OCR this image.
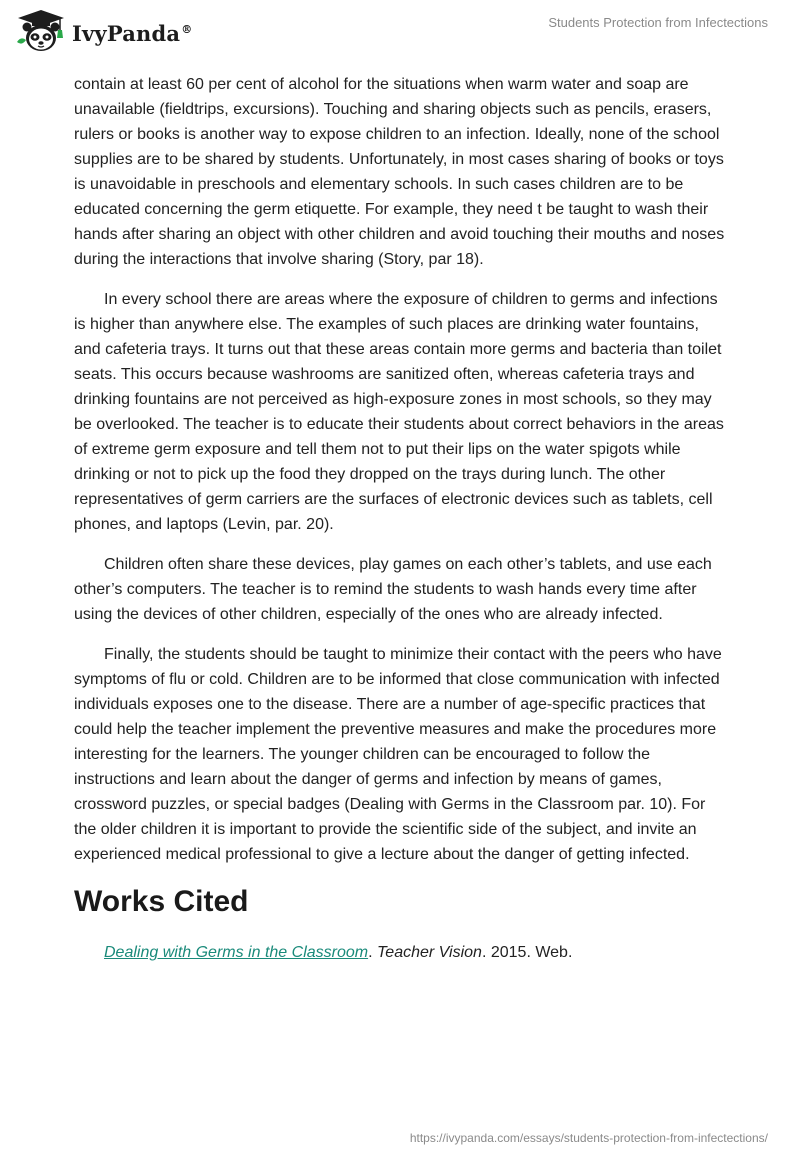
IvyPanda®	Students Protection from Infectections

contain at least 60 per cent of alcohol for the situations when warm water and soap are unavailable (fieldtrips, excursions). Touching and sharing objects such as pencils, erasers, rulers or books is another way to expose children to an infection. Ideally, none of the school supplies are to be shared by students. Unfortunately, in most cases sharing of books or toys is unavoidable in preschools and elementary schools. In such cases children are to be educated concerning the germ etiquette. For example, they need t be taught to wash their hands after sharing an object with other children and avoid touching their mouths and noses during the interactions that involve sharing (Story, par 18).

In every school there are areas where the exposure of children to germs and infections is higher than anywhere else. The examples of such places are drinking water fountains, and cafeteria trays. It turns out that these areas contain more germs and bacteria than toilet seats. This occurs because washrooms are sanitized often, whereas cafeteria trays and drinking fountains are not perceived as high-exposure zones in most schools, so they may be overlooked. The teacher is to educate their students about correct behaviors in the areas of extreme germ exposure and tell them not to put their lips on the water spigots while drinking or not to pick up the food they dropped on the trays during lunch. The other representatives of germ carriers are the surfaces of electronic devices such as tablets, cell phones, and laptops (Levin, par. 20).

Children often share these devices, play games on each other’s tablets, and use each other’s computers. The teacher is to remind the students to wash hands every time after using the devices of other children, especially of the ones who are already infected.

Finally, the students should be taught to minimize their contact with the peers who have symptoms of flu or cold. Children are to be informed that close communication with infected individuals exposes one to the disease. There are a number of age-specific practices that could help the teacher implement the preventive measures and make the procedures more interesting for the learners. The younger children can be encouraged to follow the instructions and learn about the danger of germs and infection by means of games, crossword puzzles, or special badges (Dealing with Germs in the Classroom par. 10). For the older children it is important to provide the scientific side of the subject, and invite an experienced medical professional to give a lecture about the danger of getting infected.

Works Cited
Dealing with Germs in the Classroom. Teacher Vision. 2015. Web.
https://ivypanda.com/essays/students-protection-from-infectections/
